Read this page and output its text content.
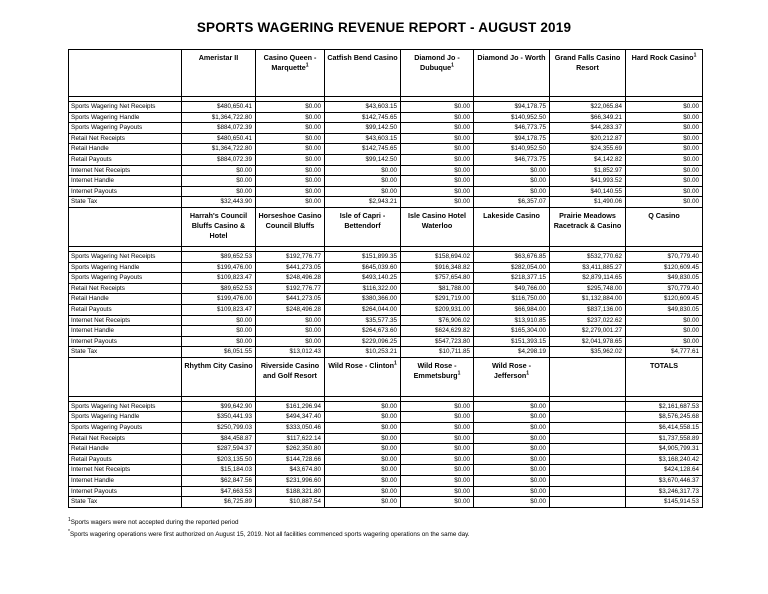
SPORTS WAGERING REVENUE REPORT - AUGUST 2019
	Ameristar II	Casino Queen - Marquette$^1$	Catfish Bend Casino	Diamond Jo - Dubuque$^1$	Diamond Jo - Worth	Grand Falls Casino Resort	Hard Rock Casino$^1$

Sports Wagering Net Receipts	$480,650.41	$0.00	$43,603.15	$0.00	$94,178.75	$22,065.84	$0.00
Sports Wagering Handle	$1,364,722.80	$0.00	$142,745.65	$0.00	$140,952.50	$66,349.21	$0.00
Sports Wagering Payouts	$884,072.39	$0.00	$99,142.50	$0.00	$46,773.75	$44,283.37	$0.00
Retail Net Receipts	$480,650.41	$0.00	$43,603.15	$0.00	$94,178.75	$20,212.87	$0.00
Retail Handle	$1,364,722.80	$0.00	$142,745.65	$0.00	$140,952.50	$24,355.69	$0.00
Retail Payouts	$884,072.39	$0.00	$99,142.50	$0.00	$46,773.75	$4,142.82	$0.00
Internet Net Receipts	$0.00	$0.00	$0.00	$0.00	$0.00	$1,852.97	$0.00
Internet Handle	$0.00	$0.00	$0.00	$0.00	$0.00	$41,993.52	$0.00
Internet Payouts	$0.00	$0.00	$0.00	$0.00	$0.00	$40,140.55	$0.00
State Tax	$32,443.90	$0.00	$2,943.21	$0.00	$6,357.07	$1,490.06	$0.00
	Harrah's Council Bluffs Casino & Hotel	Horseshoe Casino Council Bluffs	Isle of Capri - Bettendorf	Isle Casino Hotel Waterloo	Lakeside Casino	Prairie Meadows Racetrack & Casino	Q Casino

Sports Wagering Net Receipts	$89,652.53	$192,776.77	$151,899.35	$158,694.02	$63,676.85	$532,770.62	$70,779.40
Sports Wagering Handle	$199,476.00	$441,273.05	$645,039.60	$916,348.82	$282,054.00	$3,411,885.27	$120,609.45
Sports Wagering Payouts	$109,823.47	$248,496.28	$493,140.25	$757,654.80	$218,377.15	$2,879,114.65	$49,830.05
Retail Net Receipts	$89,652.53	$192,776.77	$116,322.00	$81,788.00	$49,766.00	$295,748.00	$70,779.40
Retail Handle	$199,476.00	$441,273.05	$380,366.00	$291,719.00	$116,750.00	$1,132,884.00	$120,609.45
Retail Payouts	$109,823.47	$248,496.28	$264,044.00	$209,931.00	$66,984.00	$837,136.00	$49,830.05
Internet Net Receipts	$0.00	$0.00	$35,577.35	$76,906.02	$13,910.85	$237,022.62	$0.00
Internet Handle	$0.00	$0.00	$264,673.60	$624,629.82	$165,304.00	$2,279,001.27	$0.00
Internet Payouts	$0.00	$0.00	$229,096.25	$547,723.80	$151,393.15	$2,041,978.65	$0.00
State Tax	$6,051.55	$13,012.43	$10,253.21	$10,711.85	$4,298.19	$35,962.02	$4,777.61
	Rhythm City Casino	Riverside Casino and Golf Resort	Wild Rose - Clinton$^1$	Wild Rose - Emmetsburg$^1$	Wild Rose - Jefferson$^1$		TOTALS

Sports Wagering Net Receipts	$99,642.90	$161,296.94	$0.00	$0.00	$0.00		$2,161,687.53
Sports Wagering Handle	$350,441.93	$494,347.40	$0.00	$0.00	$0.00		$8,576,245.68
Sports Wagering Payouts	$250,799.03	$333,050.46	$0.00	$0.00	$0.00		$6,414,558.15
Retail Net Receipts	$84,458.87	$117,622.14	$0.00	$0.00	$0.00		$1,737,558.89
Retail Handle	$287,594.37	$262,350.80	$0.00	$0.00	$0.00		$4,905,799.31
Retail Payouts	$203,135.50	$144,728.66	$0.00	$0.00	$0.00		$3,168,240.42
Internet Net Receipts	$15,184.03	$43,674.80	$0.00	$0.00	$0.00		$424,128.64
Internet Handle	$62,847.56	$231,996.60	$0.00	$0.00	$0.00		$3,670,446.37
Internet Payouts	$47,663.53	$188,321.80	$0.00	$0.00	$0.00		$3,246,317.73
State Tax	$6,725.89	$10,887.54	$0.00	$0.00	$0.00		$145,914.53
$^1$Sports wagers were not accepted during the reported period
*Sports wagering operations were first authorized on August 15, 2019. Not all facilities commenced sports wagering operations on the same day.
